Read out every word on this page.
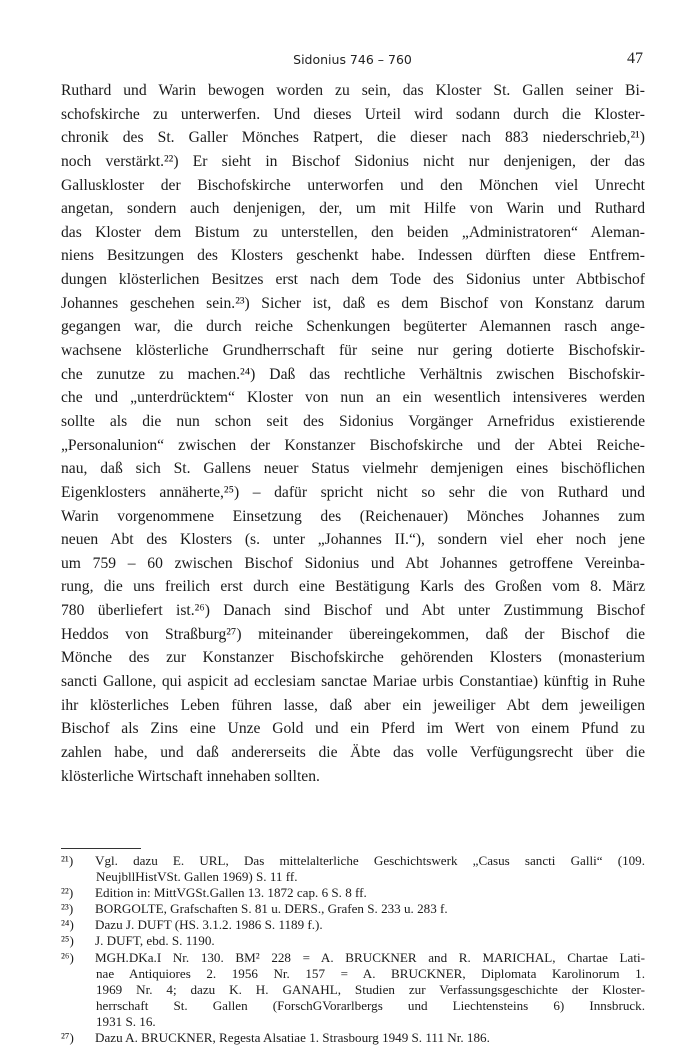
Sidonius 746 – 760	47
Ruthard und Warin bewogen worden zu sein, das Kloster St. Gallen seiner Bi-
schofskirche zu unterwerfen. Und dieses Urteil wird sodann durch die Kloster-
chronik des St. Galler Mönches Ratpert, die dieser nach 883 niederschrieb,²¹)
noch verstärkt.²²) Er sieht in Bischof Sidonius nicht nur denjenigen, der das
Galluskloster der Bischofskirche unterworfen und den Mönchen viel Unrecht
angetan, sondern auch denjenigen, der, um mit Hilfe von Warin und Ruthard
das Kloster dem Bistum zu unterstellen, den beiden „Administratoren“ Aleman-
niens Besitzungen des Klosters geschenkt habe. Indessen dürften diese Entfrem-
dungen klösterlichen Besitzes erst nach dem Tode des Sidonius unter Abtbischof
Johannes geschehen sein.²³) Sicher ist, daß es dem Bischof von Konstanz darum
gegangen war, die durch reiche Schenkungen begüterter Alemannen rasch ange-
wachsene klösterliche Grundherrschaft für seine nur gering dotierte Bischofskir-
che zunutze zu machen.²⁴) Daß das rechtliche Verhältnis zwischen Bischofskir-
che und „unterdrücktem“ Kloster von nun an ein wesentlich intensiveres werden
sollte als die nun schon seit des Sidonius Vorgänger Arnefridus existierende
„Personalunion“ zwischen der Konstanzer Bischofskirche und der Abtei Reiche-
nau, daß sich St. Gallens neuer Status vielmehr demjenigen eines bischöflichen
Eigenklosters annäherte,²⁵) – dafür spricht nicht so sehr die von Ruthard und
Warin vorgenommene Einsetzung des (Reichenauer) Mönches Johannes zum
neuen Abt des Klosters (s. unter „Johannes II.“), sondern viel eher noch jene
um 759 – 60 zwischen Bischof Sidonius und Abt Johannes getroffene Vereinba-
rung, die uns freilich erst durch eine Bestätigung Karls des Großen vom 8. März
780 überliefert ist.²⁶) Danach sind Bischof und Abt unter Zustimmung Bischof
Heddos von Straßburg²⁷) miteinander übereingekommen, daß der Bischof die
Mönche des zur Konstanzer Bischofskirche gehörenden Klosters (monasterium
sancti Gallone, qui aspicit ad ecclesiam sanctae Mariae urbis Constantiae) künftig in Ruhe
ihr klösterliches Leben führen lasse, daß aber ein jeweiliger Abt dem jeweiligen
Bischof als Zins eine Unze Gold und ein Pferd im Wert von einem Pfund zu
zahlen habe, und daß andererseits die Äbte das volle Verfügungsrecht über die
klösterliche Wirtschaft innehaben sollten.
²¹) Vgl. dazu E. URL, Das mittelalterliche Geschichtswerk „Casus sancti Galli“ (109.
NeujbllHistVSt. Gallen 1969) S. 11 ff.
²²) Edition in: MittVGSt.Gallen 13. 1872 cap. 6 S. 8 ff.
²³) BORGOLTE, Grafschaften S. 81 u. DERS., Grafen S. 233 u. 283 f.
²⁴) Dazu J. DUFT (HS. 3.1.2. 1986 S. 1189 f.).
²⁵) J. DUFT, ebd. S. 1190.
²⁶) MGH.DKa.I Nr. 130. BM² 228 = A. BRUCKNER and R. MARICHAL, Chartae Lati-
nae Antiquiores 2. 1956 Nr. 157 = A. BRUCKNER, Diplomata Karolinorum 1.
1969 Nr. 4; dazu K. H. GANAHL, Studien zur Verfassungsgeschichte der Kloster-
herrschaft St. Gallen (ForschGVorarlbergs und Liechtensteins 6) Innsbruck.
1931 S. 16.
²⁷) Dazu A. BRUCKNER, Regesta Alsatiae 1. Strasbourg 1949 S. 111 Nr. 186.
